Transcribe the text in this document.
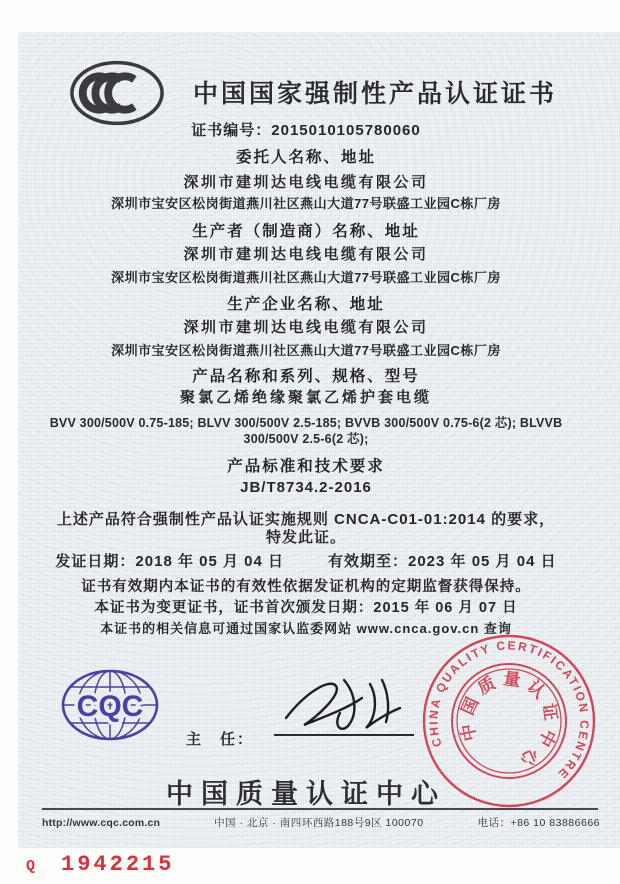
中国国家强制性产品认证证书
证书编号：2015010105780060
委托人名称、地址
深圳市建圳达电线电缆有限公司
深圳市宝安区松岗街道燕川社区燕山大道77号联盛工业园C栋厂房
生产者（制造商）名称、地址
深圳市建圳达电线电缆有限公司
深圳市宝安区松岗街道燕川社区燕山大道77号联盛工业园C栋厂房
生产企业名称、地址
深圳市建圳达电线电缆有限公司
深圳市宝安区松岗街道燕川社区燕山大道77号联盛工业园C栋厂房
产品名称和系列、规格、型号
聚氯乙烯绝缘聚氯乙烯护套电缆
BVV 300/500V 0.75-185; BLVV 300/500V 2.5-185; BVVB 300/500V 0.75-6(2 芯); BLVVB
300/500V 2.5-6(2 芯);
产品标准和技术要求
JB/T8734.2-2016
上述产品符合强制性产品认证实施规则 CNCA-C01-01:2014 的要求，
特发此证。
发证日期：2018 年 05 月 04 日	有效期至：2023 年 05 月 04 日
证书有效期内本证书的有效性依据发证机构的定期监督获得保持。
本证书为变更证书，证书首次颁发日期：2015 年 06 月 07 日
本证书的相关信息可通过国家认监委网站 www.cnca.gov.cn 查询
CQC
主　任：	CHINA QUALITY CERTIFICATION CENTRE
中国质量认证中心
中国质量认证中心
http://www.cqc.com.cn	中国 · 北京 · 南四环西路188号9区 100070	电话：+86 10 83886666
Q 1942215
